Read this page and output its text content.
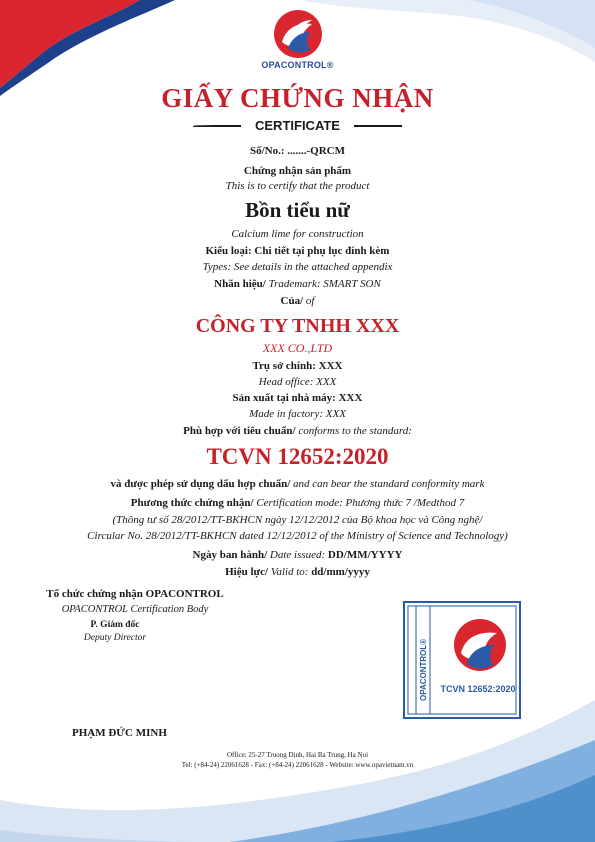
OPACONTROL®
GIẤY CHỨNG NHẬN
CERTIFICATE
Số/No.: .......-QRCM
Chứng nhận sản phẩm
This is to certify that the product
Bồn tiểu nữ
Calcium lime for construction
Kiểu loại: Chi tiết tại phụ lục đính kèm
Types: See details in the attached appendix
Nhãn hiệu/ Trademark: SMART SON
Của/ of
CÔNG TY TNHH XXX
XXX CO.,LTD
Trụ sở chính: XXX
Head office: XXX
Sản xuất tại nhà máy: XXX
Made in factory: XXX
Phù hợp với tiêu chuẩn/ conforms to the standard:
TCVN 12652:2020
và được phép sử dụng dấu hợp chuẩn/ and can bear the standard conformity mark
Phương thức chứng nhận/ Certification mode: Phương thức 7 /Medthod 7
(Thông tư số 28/2012/TT-BKHCN ngày 12/12/2012 của Bộ khoa học và Công nghệ/
Circular No. 28/2012/TT-BKHCN dated 12/12/2012 of the Ministry of Science and Technology)
Ngày ban hành/ Date issued: DD/MM/YYYY
Hiệu lực/ Valid to: dd/mm/yyyy
Tổ chức chứng nhận OPACONTROL
OPACONTROL Certification Body
P. Giám đốc
Deputy Director
PHẠM ĐỨC MINH
OPACONTROL® TCVN 12652:2020
Office: 25-27 Truong Dinh, Hai Ba Trung, Ha Noi
Tel: (+84-24) 22061628 - Fax: (+84-24) 22061628 - Website: www.opavietnam.vn
